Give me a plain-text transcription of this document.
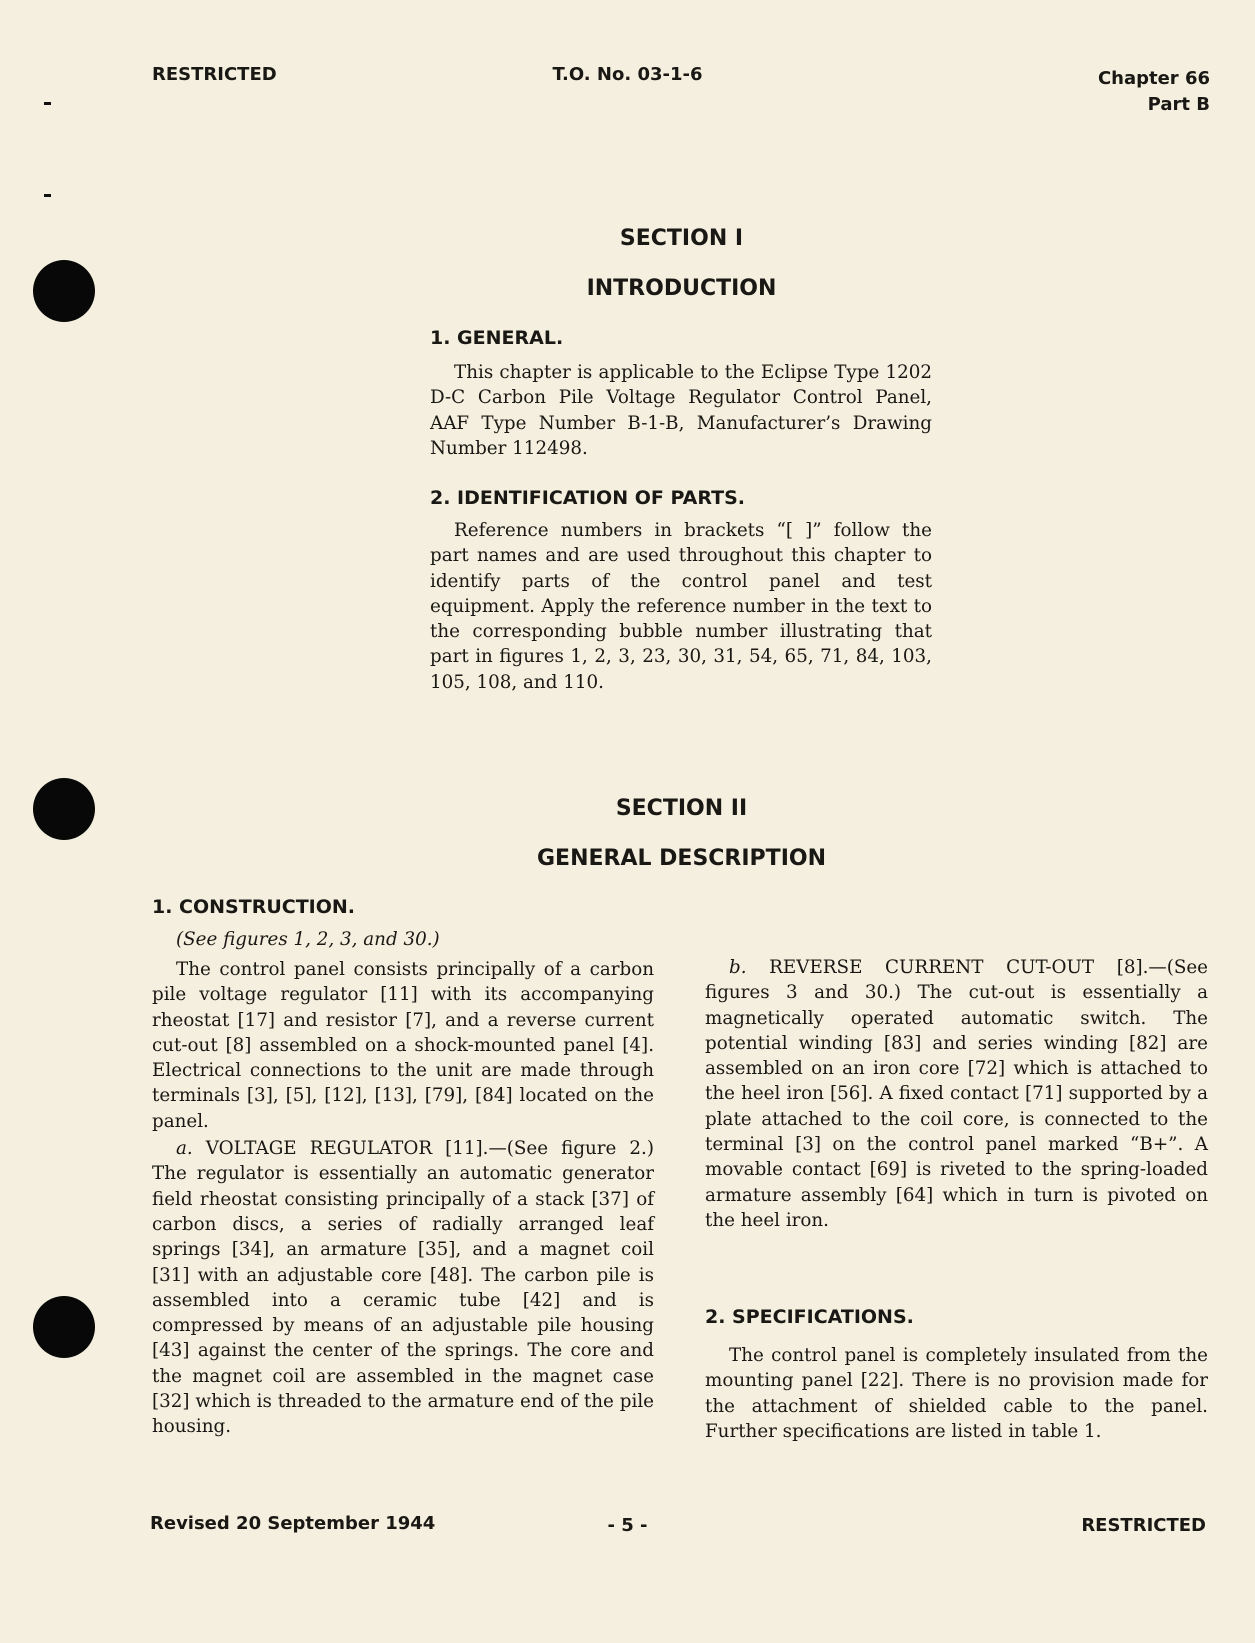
RESTRICTED	T.O. No. 03-1-6	Chapter 66
Part B
SECTION I
INTRODUCTION
1. GENERAL.

This chapter is applicable to the Eclipse Type 1202 D-C Carbon Pile Voltage Regulator Control Panel, AAF Type Number B-1-B, Manufacturer’s Drawing Number 112498.

2. IDENTIFICATION OF PARTS.

Reference numbers in brackets “[ ]” follow the part names and are used throughout this chapter to identify parts of the control panel and test equipment. Apply the reference number in the text to the corresponding bubble number illustrating that part in figures 1, 2, 3, 23, 30, 31, 54, 65, 71, 84, 103, 105, 108, and 110.

SECTION II
GENERAL DESCRIPTION
1. CONSTRUCTION.
(See figures 1, 2, 3, and 30.)

The control panel consists principally of a carbon pile voltage regulator [11] with its accompanying rheostat [17] and resistor [7], and a reverse current cut-out [8] assembled on a shock-mounted panel [4]. Electrical connections to the unit are made through terminals [3], [5], [12], [13], [79], [84] located on the panel.

a. VOLTAGE REGULATOR [11].—(See figure 2.) The regulator is essentially an automatic generator field rheostat consisting principally of a stack [37] of carbon discs, a series of radially arranged leaf springs [34], an armature [35], and a magnet coil [31] with an adjustable core [48]. The carbon pile is assembled into a ceramic tube [42] and is compressed by means of an adjustable pile housing [43] against the center of the springs. The core and the magnet coil are assembled in the magnet case [32] which is threaded to the armature end of the pile housing.

b. REVERSE CURRENT CUT-OUT [8].—(See figures 3 and 30.) The cut-out is essentially a magnetically operated automatic switch. The potential winding [83] and series winding [82] are assembled on an iron core [72] which is attached to the heel iron [56]. A fixed contact [71] supported by a plate attached to the coil core, is connected to the terminal [3] on the control panel marked “B+”. A movable contact [69] is riveted to the spring-loaded armature assembly [64] which in turn is pivoted on the heel iron.

2. SPECIFICATIONS.

The control panel is completely insulated from the mounting panel [22]. There is no provision made for the attachment of shielded cable to the panel. Further specifications are listed in table 1.

Revised 20 September 1944	- 5 -	RESTRICTED
